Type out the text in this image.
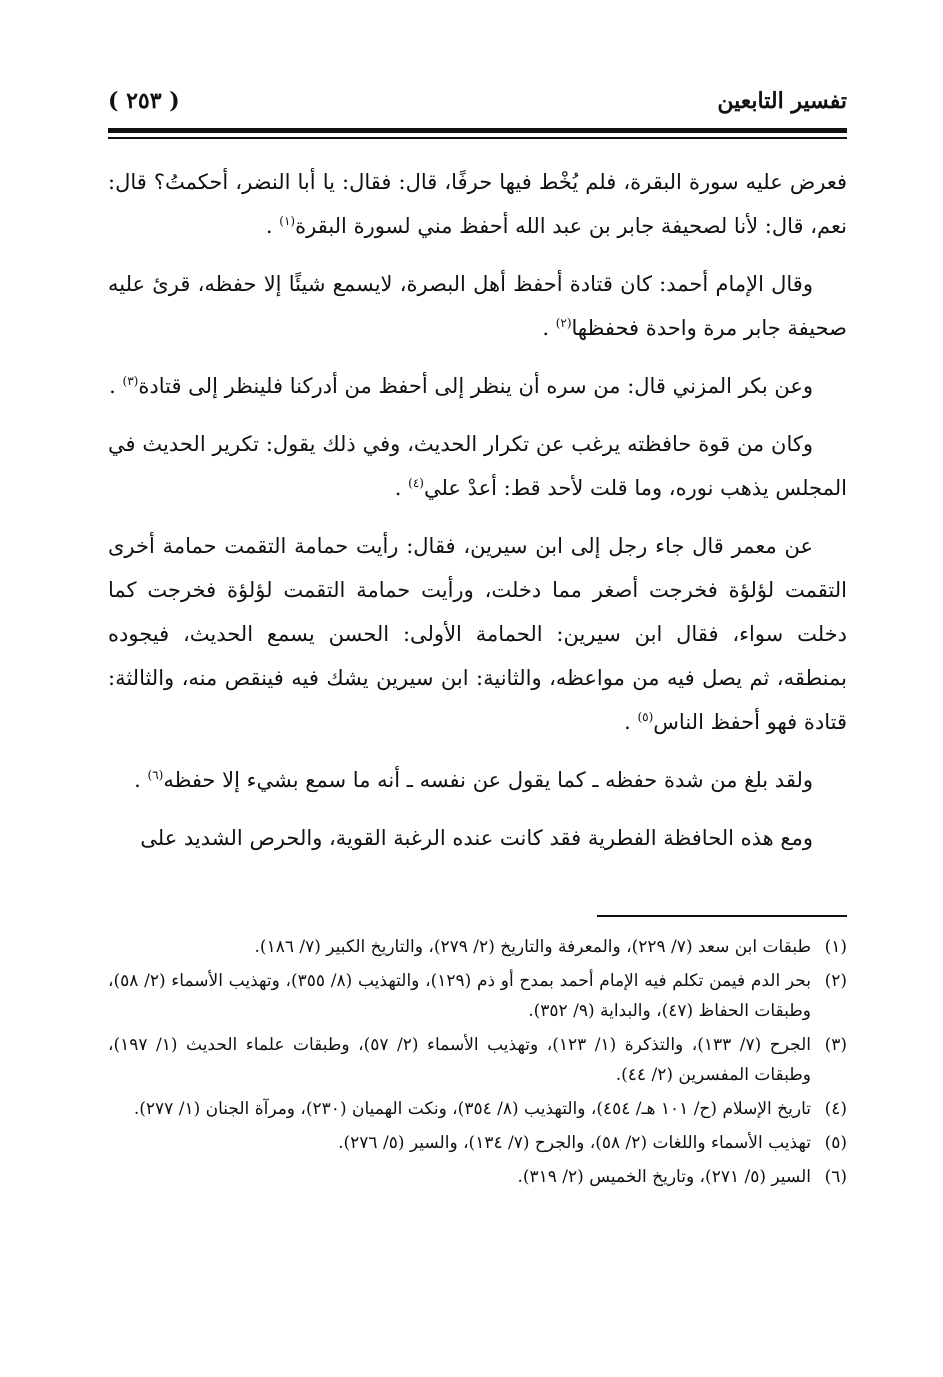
تفسير التابعين
( ٢٥٣ )

فعرض عليه سورة البقرة، فلم يُخْط فيها حرفًا، قال: فقال: يا أبا النضر، أحكمتُ؟ قال: نعم، قال: لأنا لصحيفة جابر بن عبد الله أحفظ مني لسورة البقرة$^{(١)}$ .

وقال الإمام أحمد: كان قتادة أحفظ أهل البصرة، لايسمع شيئًا إلا حفظه، قرئ عليه صحيفة جابر مرة واحدة فحفظها$^{(٢)}$ .

وعن بكر المزني قال: من سره أن ينظر إلى أحفظ من أدركنا فلينظر إلى قتادة$^{(٣)}$ .

وكان من قوة حافظته يرغب عن تكرار الحديث، وفي ذلك يقول: تكرير الحديث في المجلس يذهب نوره، وما قلت لأحد قط: أعدْ علي$^{(٤)}$ .

عن معمر قال جاء رجل إلى ابن سيرين، فقال: رأيت حمامة التقمت حمامة أخرى التقمت لؤلؤة فخرجت أصغر مما دخلت، ورأيت حمامة التقمت لؤلؤة فخرجت كما دخلت سواء، فقال ابن سيرين: الحمامة الأولى: الحسن يسمع الحديث، فيجوده بمنطقه، ثم يصل فيه من مواعظه، والثانية: ابن سيرين يشك فيه فينقص منه، والثالثة: قتادة فهو أحفظ الناس$^{(٥)}$ .

ولقد بلغ من شدة حفظه ـ كما يقول عن نفسه ـ أنه ما سمع بشيء إلا حفظه$^{(٦)}$ .

ومع هذه الحافظة الفطرية فقد كانت عنده الرغبة القوية، والحرص الشديد على

(١)
طبقات ابن سعد (٧/ ٢٢٩)، والمعرفة والتاريخ (٢/ ٢٧٩)، والتاريخ الكبير (٧/ ١٨٦).
(٢)
بحر الدم فيمن تكلم فيه الإمام أحمد بمدح أو ذم (١٢٩)، والتهذيب (٨/ ٣٥٥)، وتهذيب الأسماء (٢/ ٥٨)، وطبقات الحفاظ (٤٧)، والبداية (٩/ ٣٥٢).
(٣)
الجرح (٧/ ١٣٣)، والتذكرة (١/ ١٢٣)، وتهذيب الأسماء (٢/ ٥٧)، وطبقات علماء الحديث (١/ ١٩٧)، وطبقات المفسرين (٢/ ٤٤).
(٤)
تاريخ الإسلام (ح/ ١٠١ هـ/ ٤٥٤)، والتهذيب (٨/ ٣٥٤)، ونكت الهميان (٢٣٠)، ومرآة الجنان (١/ ٢٧٧).
(٥)
تهذيب الأسماء واللغات (٢/ ٥٨)، والجرح (٧/ ١٣٤)، والسير (٥/ ٢٧٦).
(٦)
السير (٥/ ٢٧١)، وتاريخ الخميس (٢/ ٣١٩).
